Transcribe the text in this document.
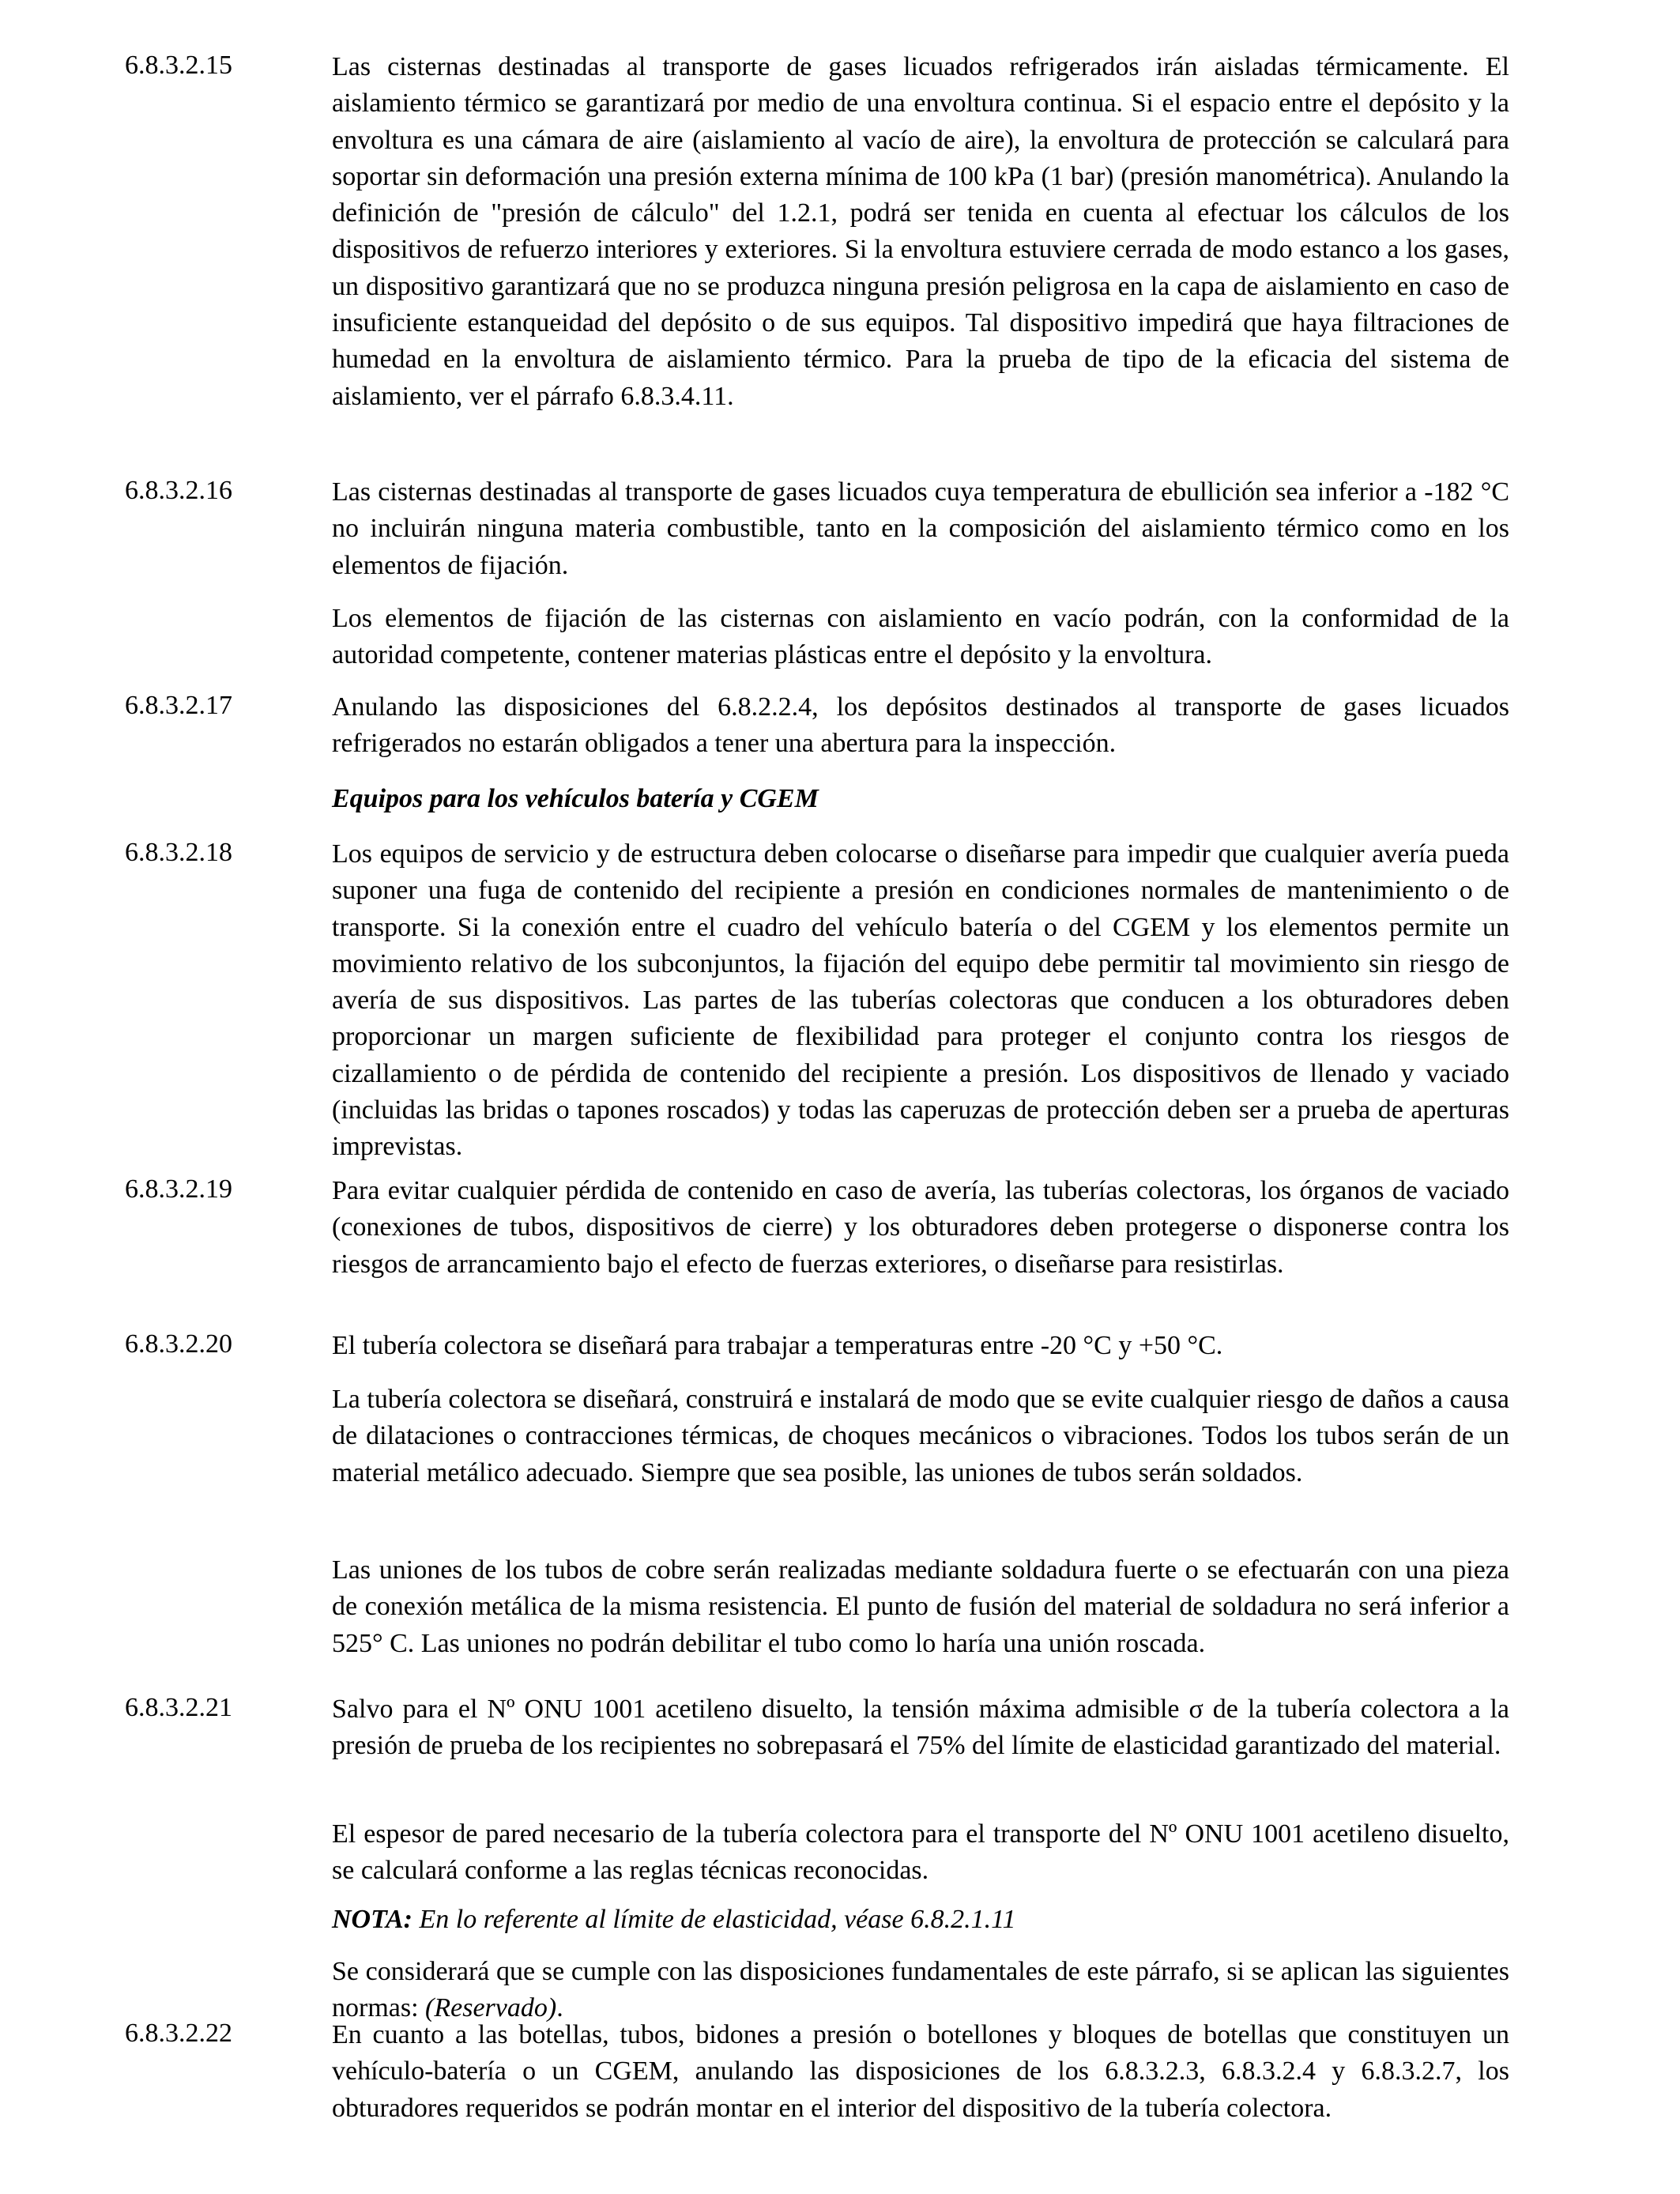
6.8.3.2.15	Las cisternas destinadas al transporte de gases licuados refrigerados irán aisladas térmicamente. El aislamiento térmico se garantizará por medio de una envoltura continua. Si el espacio entre el depósito y la envoltura es una cámara de aire (aislamiento al vacío de aire), la envoltura de protección se calculará para soportar sin deformación una presión externa mínima de 100 kPa (1 bar) (presión manométrica). Anulando la definición de "presión de cálculo" del 1.2.1, podrá ser tenida en cuenta al efectuar los cálculos de los dispositivos de refuerzo interiores y exteriores. Si la envoltura estuviere cerrada de modo estanco a los gases, un dispositivo garantizará que no se produzca ninguna presión peligrosa en la capa de aislamiento en caso de insuficiente estanqueidad del depósito o de sus equipos. Tal dispositivo impedirá que haya filtraciones de humedad en la envoltura de aislamiento térmico. Para la prueba de tipo de la eficacia del sistema de aislamiento, ver el párrafo 6.8.3.4.11.
6.8.3.2.16	Las cisternas destinadas al transporte de gases licuados cuya temperatura de ebullición sea inferior a -182 °C no incluirán ninguna materia combustible, tanto en la composición del aislamiento térmico como en los elementos de fijación.
Los elementos de fijación de las cisternas con aislamiento en vacío podrán, con la conformidad de la autoridad competente, contener materias plásticas entre el depósito y la envoltura.
6.8.3.2.17	Anulando las disposiciones del 6.8.2.2.4, los depósitos destinados al transporte de gases licuados refrigerados no estarán obligados a tener una abertura para la inspección.
Equipos para los vehículos batería y CGEM
6.8.3.2.18	Los equipos de servicio y de estructura deben colocarse o diseñarse para impedir que cualquier avería pueda suponer una fuga de contenido del recipiente a presión en condiciones normales de mantenimiento o de transporte. Si la conexión entre el cuadro del vehículo batería o del CGEM y los elementos permite un movimiento relativo de los subconjuntos, la fijación del equipo debe permitir tal movimiento sin riesgo de avería de sus dispositivos. Las partes de las tuberías colectoras que conducen a los obturadores deben proporcionar un margen suficiente de flexibilidad para proteger el conjunto contra los riesgos de cizallamiento o de pérdida de contenido del recipiente a presión. Los dispositivos de llenado y vaciado (incluidas las bridas o tapones roscados) y todas las caperuzas de protección deben ser a prueba de aperturas imprevistas.
6.8.3.2.19	Para evitar cualquier pérdida de contenido en caso de avería, las tuberías colectoras, los órganos de vaciado (conexiones de tubos, dispositivos de cierre) y los obturadores deben protegerse o disponerse contra los riesgos de arrancamiento bajo el efecto de fuerzas exteriores, o diseñarse para resistirlas.
6.8.3.2.20	El tubería colectora se diseñará para trabajar a temperaturas entre -20 °C y +50 °C.
La tubería colectora se diseñará, construirá e instalará de modo que se evite cualquier riesgo de daños a causa de dilataciones o contracciones térmicas, de choques mecánicos o vibraciones. Todos los tubos serán de un material metálico adecuado. Siempre que sea posible, las uniones de tubos serán soldados.
Las uniones de los tubos de cobre serán realizadas mediante soldadura fuerte o se efectuarán con una pieza de conexión metálica de la misma resistencia. El punto de fusión del material de soldadura no será inferior a 525° C. Las uniones no podrán debilitar el tubo como lo haría una unión roscada.
6.8.3.2.21	Salvo para el Nº ONU 1001 acetileno disuelto, la tensión máxima admisible σ de la tubería colectora a la presión de prueba de los recipientes no sobrepasará el 75% del límite de elasticidad garantizado del material.
El espesor de pared necesario de la tubería colectora para el transporte del Nº ONU 1001 acetileno disuelto, se calculará conforme a las reglas técnicas reconocidas.
NOTA: En lo referente al límite de elasticidad, véase 6.8.2.1.11
Se considerará que se cumple con las disposiciones fundamentales de este párrafo, si se aplican las siguientes normas: (Reservado).
6.8.3.2.22	En cuanto a las botellas, tubos, bidones a presión o botellones y bloques de botellas que constituyen un vehículo-batería o un CGEM, anulando las disposiciones de los 6.8.3.2.3, 6.8.3.2.4 y 6.8.3.2.7, los obturadores requeridos se podrán montar en el interior del dispositivo de la tubería colectora.
